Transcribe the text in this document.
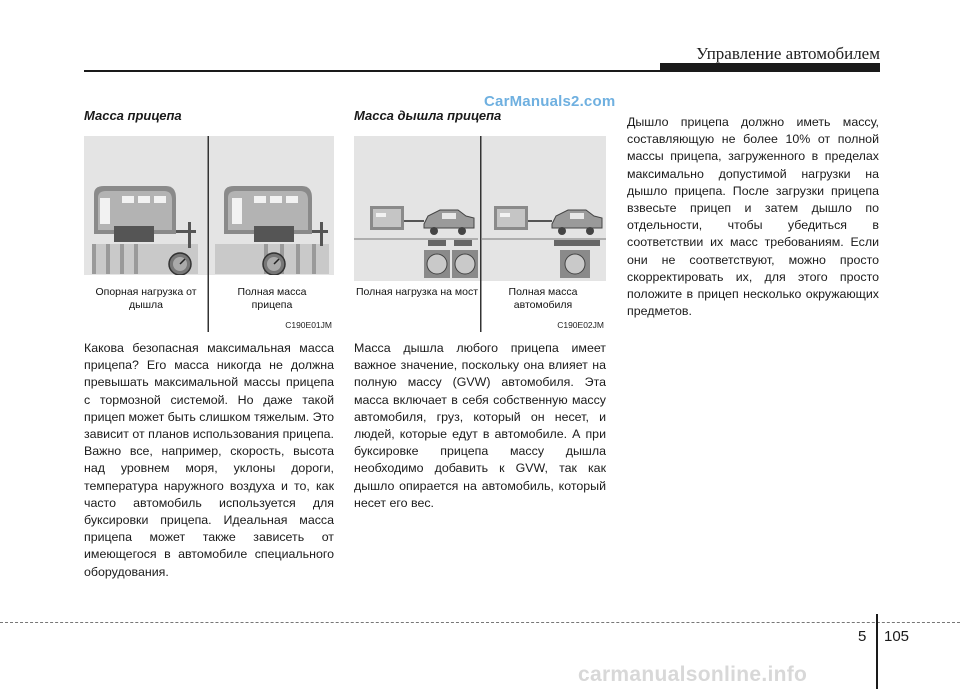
Управление автомобилем
CarManuals2.com
Масса прицепа
Опорная нагрузка от дышла
Полная масса прицепа
C190E01JM

Какова безопасная максимальная масса прицепа? Его масса никогда не должна превышать максимальной массы прицепа с тормозной системой. Но даже такой прицеп может быть слишком тяжелым. Это зависит от планов использования прицепа. Важно все, например, скорость, высота над уровнем моря, уклоны дороги, температура наружного воздуха и то, как часто автомобиль используется для буксировки прицепа. Идеальная масса прицепа может также зависеть от имеющегося в автомобиле специального оборудования.

Масса дышла прицепа
Полная нагрузка на мост	Полная масса автомобиля
C190E02JM

Масса дышла любого прицепа имеет важное значение, поскольку она влияет на полную массу (GVW) автомобиля. Эта масса включает в себя собственную массу автомобиля, груз, который он несет, и людей, которые едут в автомобиле. А при буксировке прицепа массу дышла необходимо добавить к GVW, так как дышло опирается на автомобиль, который несет его вес.

Дышло прицепа должно иметь массу, составляющую не более 10% от полной массы прицепа, загруженного в пределах максимально допустимой нагрузки на дышло прицепа. После загрузки прицепа взвесьте прицеп и затем дышло по отдельности, чтобы убедиться в соответствии их масс требованиям. Если они не соответствуют, можно просто скорректировать их, для этого просто положите в прицеп несколько окружающих предметов.

5 105
carmanualsonline.info
